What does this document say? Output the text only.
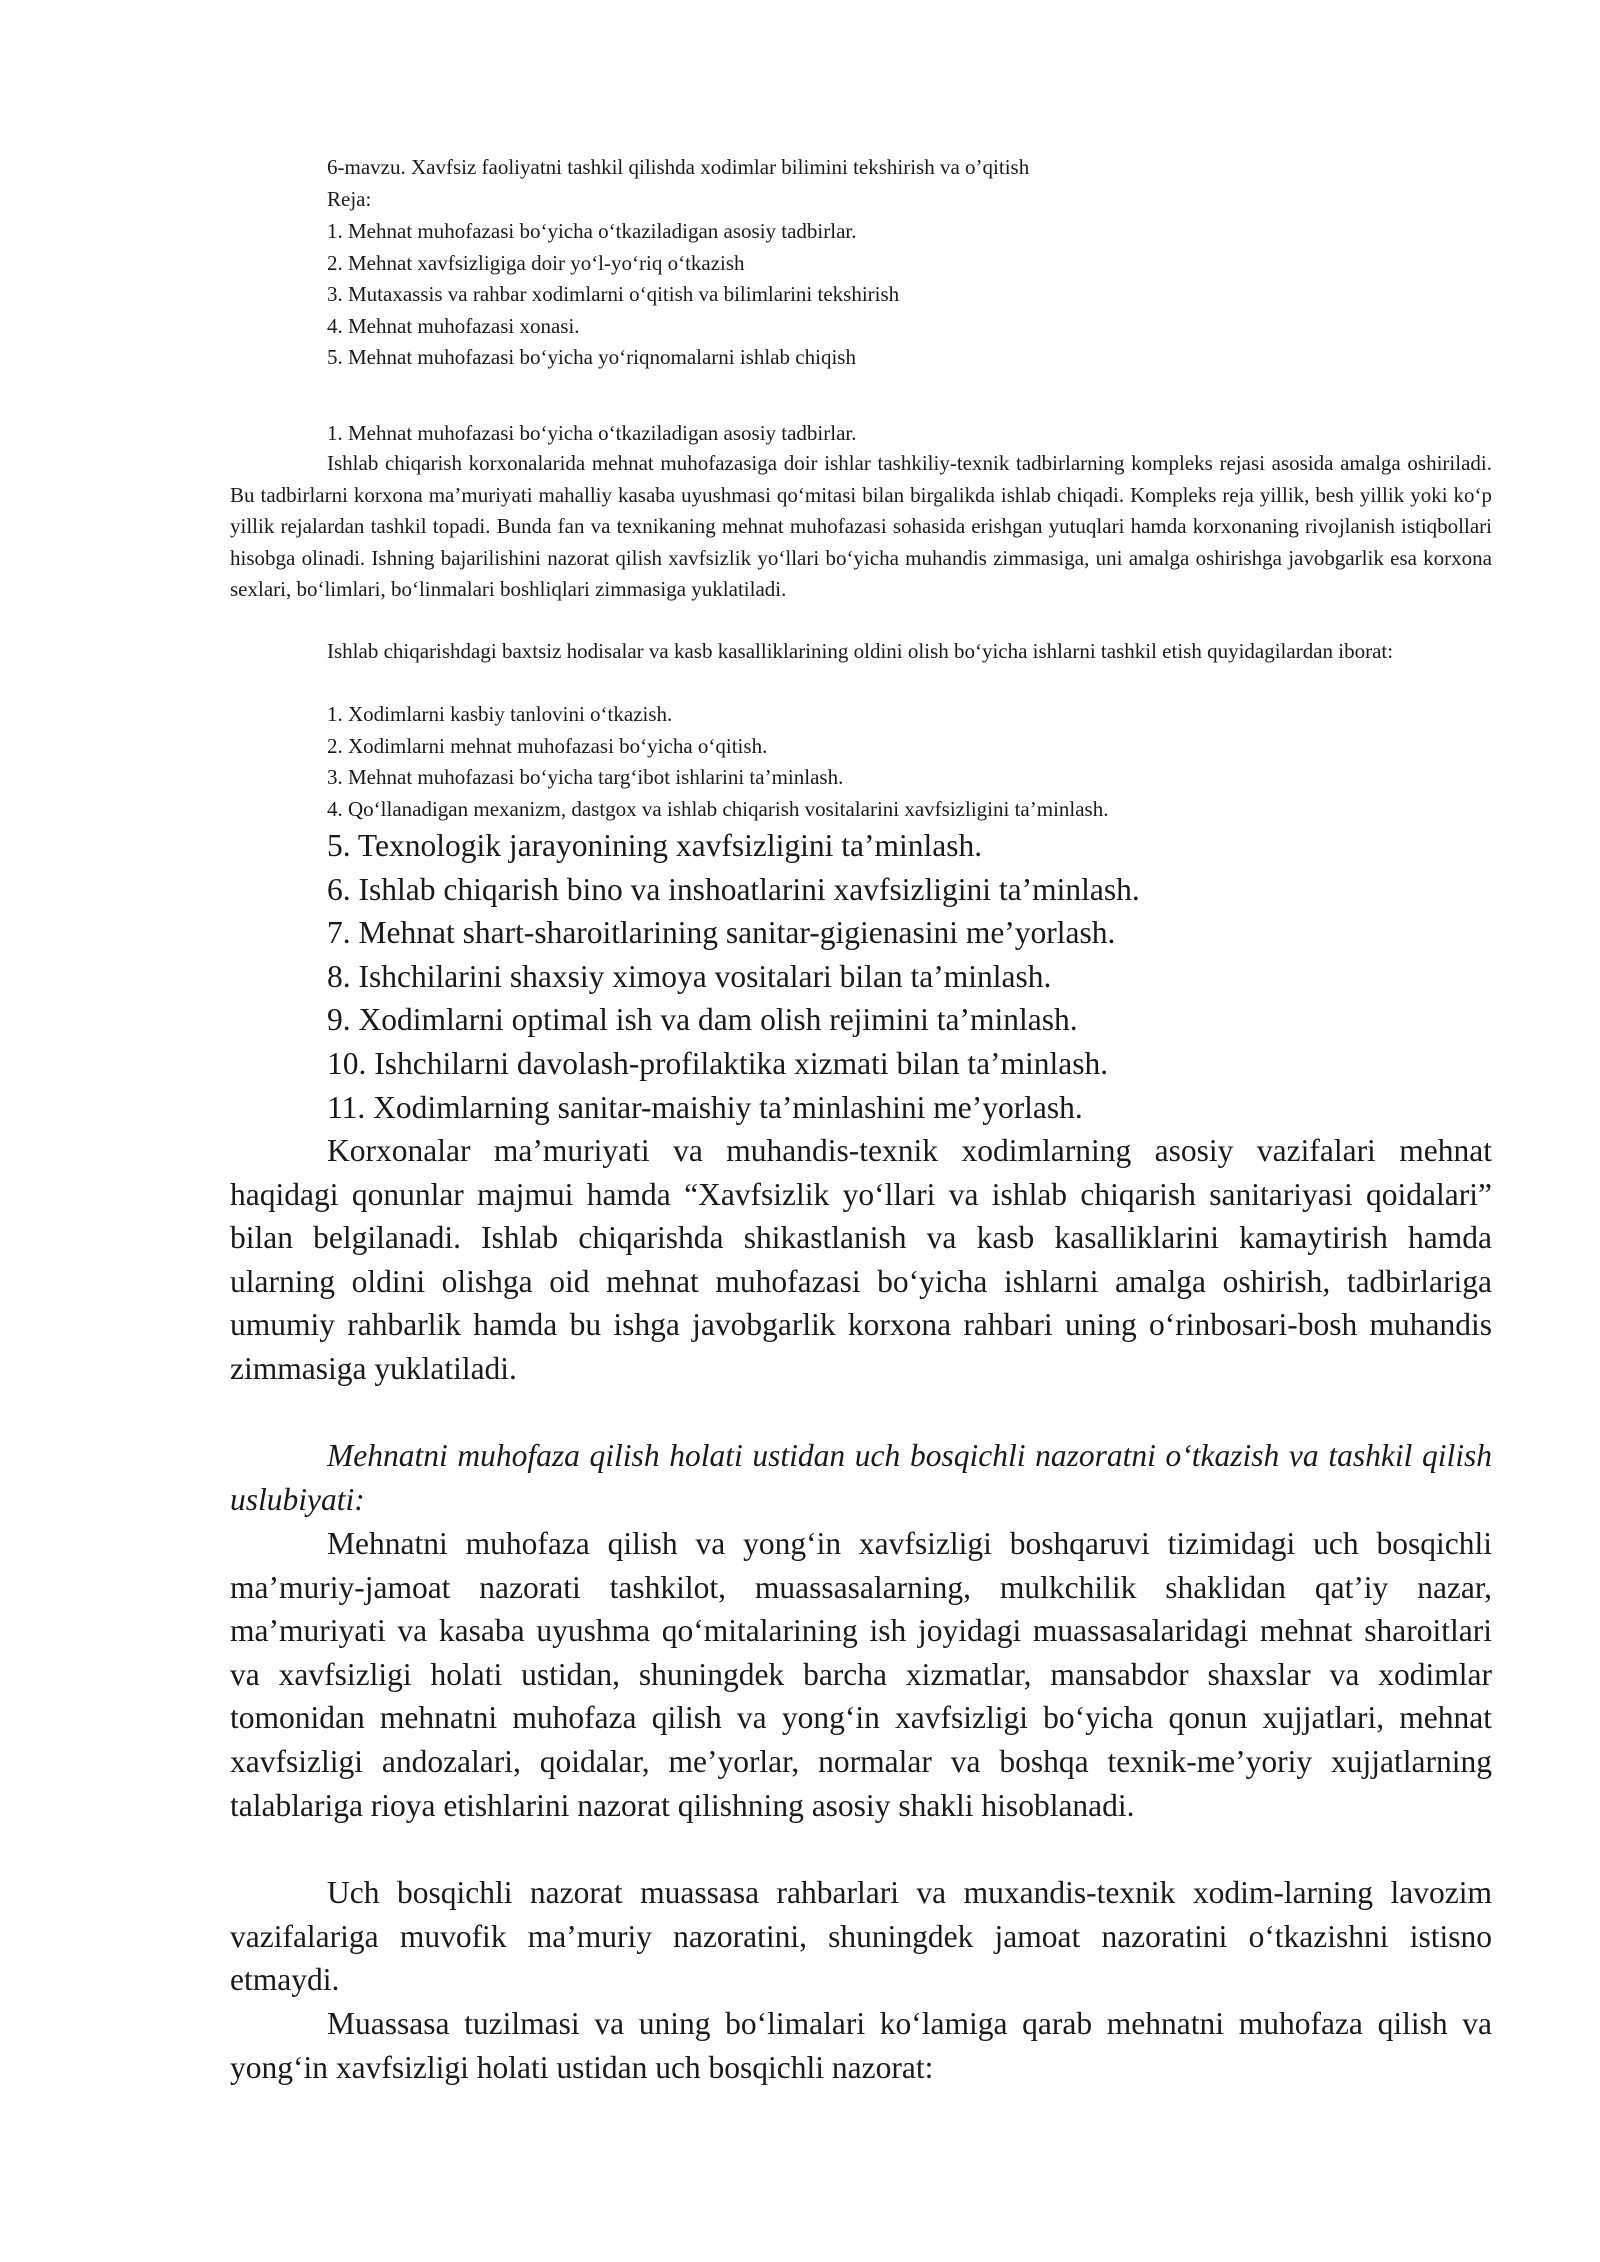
6-mavzu. Xavfsiz faoliyatni tashkil qilishda xodimlar bilimini tekshirish va o’qitish
Reja:
1. Mehnat muhofazasi boʻyicha oʻtkaziladigan asosiy tadbirlar.
2. Mehnat xavfsizligiga doir yoʻl-yoʻriq oʻtkazish
3. Mutaxassis va rahbar xodimlarni oʻqitish va bilimlarini tekshirish
4. Mehnat muhofazasi xonasi.
5. Mehnat muhofazasi boʻyicha yoʻriqnomalarni ishlab chiqish
1. Mehnat muhofazasi boʻyicha oʻtkaziladigan asosiy tadbirlar.

Ishlab chiqarish korxonalarida mehnat muhofazasiga doir ishlar tashkiliy-texnik tadbirlarning kompleks rejasi asosida amalga oshiriladi. Bu tadbirlarni korxona ma’muriyati mahalliy kasaba uyushmasi qoʻmitasi bilan birgalikda ishlab chiqadi. Kompleks reja yillik, besh yillik yoki koʻp yillik rejalardan tashkil topadi. Bunda fan va texnikaning mehnat muhofazasi sohasida erishgan yutuqlari hamda korxonaning rivojlanish istiqbollari hisobga olinadi. Ishning bajarilishini nazorat qilish xavfsizlik yoʻllari boʻyicha muhandis zimmasiga, uni amalga oshirishga javobgarlik esa korxona sexlari, boʻlimlari, boʻlinmalari boshliqlari zimmasiga yuklatiladi.

Ishlab chiqarishdagi baxtsiz hodisalar va kasb kasalliklarining oldini olish boʻyicha ishlarni tashkil etish quyidagilardan iborat:

1. Xodimlarni kasbiy tanlovini oʻtkazish.
2. Xodimlarni mehnat muhofazasi boʻyicha oʻqitish.
3. Mehnat muhofazasi boʻyicha targʻibot ishlarini ta’minlash.
4. Qoʻllanadigan mexanizm, dastgox va ishlab chiqarish vositalarini xavfsizligini ta’minlash.
5. Texnologik jarayonining xavfsizligini ta’minlash.
6. Ishlab chiqarish bino va inshoatlarini xavfsizligini ta’minlash.
7. Mehnat shart-sharoitlarining sanitar-gigienasini me’yorlash.
8. Ishchilarini shaxsiy ximoya vositalari bilan ta’minlash.
9. Xodimlarni optimal ish va dam olish rejimini ta’minlash.
10. Ishchilarni davolash-profilaktika xizmati bilan ta’minlash.
11. Xodimlarning sanitar-maishiy ta’minlashini me’yorlash.

Korxonalar ma’muriyati va muhandis-texnik xodimlarning asosiy vazifalari mehnat haqidagi qonunlar majmui hamda “Xavfsizlik yoʻllari va ishlab chiqarish sanitariyasi qoidalari” bilan belgilanadi. Ishlab chiqarishda shikastlanish va kasb kasalliklarini kamaytirish hamda ularning oldini olishga oid mehnat muhofazasi boʻyicha ishlarni amalga oshirish, tadbirlariga umumiy rahbarlik hamda bu ishga javobgarlik korxona rahbari uning oʻrinbosari-bosh muhandis zimmasiga yuklatiladi.

Mehnatni muhofaza qilish holati ustidan uch bosqichli nazoratni oʻtkazish va tashkil qilish uslubiyati:

Mehnatni muhofaza qilish va yongʻin xavfsizligi boshqaruvi tizimidagi uch bosqichli ma’muriy-jamoat nazorati tashkilot, muassasalarning, mulkchilik shaklidan qat’iy nazar, ma’muriyati va kasaba uyushma qoʻmitalarining ish joyidagi muassasalaridagi mehnat sharoitlari va xavfsizligi holati ustidan, shuningdek barcha xizmatlar, mansabdor shaxslar va xodimlar tomonidan mehnatni muhofaza qilish va yongʻin xavfsizligi boʻyicha qonun xujjatlari, mehnat xavfsizligi andozalari, qoidalar, me’yorlar, normalar va boshqa texnik-me’yoriy xujjatlarning talablariga rioya etishlarini nazorat qilishning asosiy shakli hisoblanadi.

Uch bosqichli nazorat muassasa rahbarlari va muxandis-texnik xodim-larning lavozim vazifalariga muvofik ma’muriy nazoratini, shuningdek jamoat nazoratini oʻtkazishni istisno etmaydi.

Muassasa tuzilmasi va uning boʻlimalari koʻlamiga qarab mehnatni muhofaza qilish va yongʻin xavfsizligi holati ustidan uch bosqichli nazorat:
